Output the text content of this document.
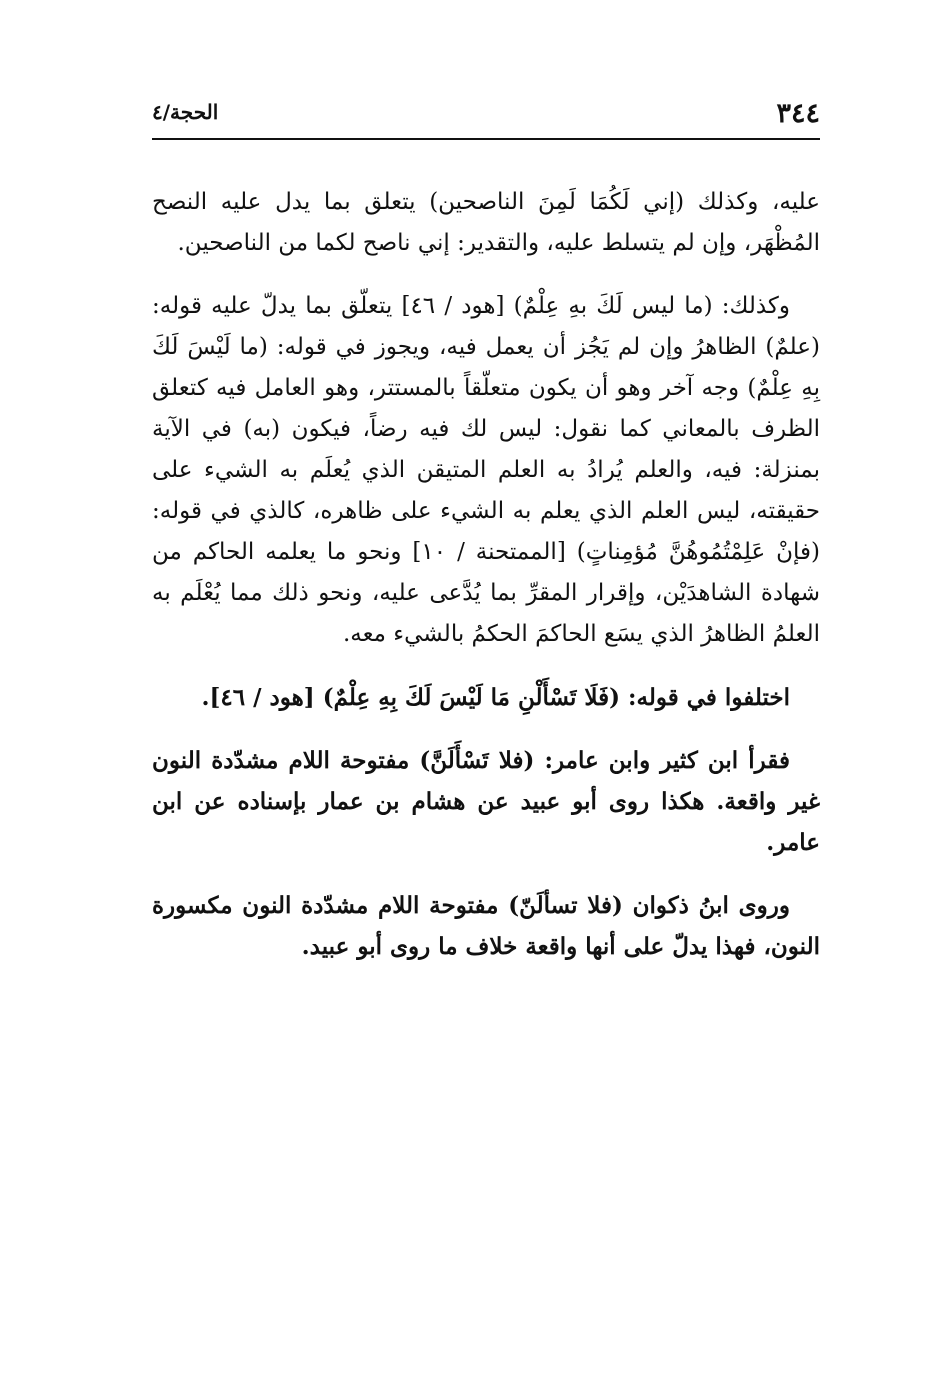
٣٤٤
الحجة/٤

عليه، وكذلك (إني لَكُمَا لَمِنَ الناصحين) يتعلق بما يدل عليه النصح المُظْهَر، وإن لم يتسلط عليه، والتقدير: إني ناصح لكما من الناصحين.

وكذلك: (ما ليس لَكَ بهِ عِلْمٌ) [هود / ٤٦] يتعلّق بما يدلّ عليه قوله: (علمٌ) الظاهرُ وإن لم يَجُز أن يعمل فيه، ويجوز في قوله: (ما لَيْسَ لَكَ بِهِ عِلْمٌ) وجه آخر وهو أن يكون متعلّقاً بالمستتر، وهو العامل فيه كتعلق الظرف بالمعاني كما نقول: ليس لك فيه رضاً، فيكون (به) في الآية بمنزلة: فيه، والعلم يُرادُ به العلم المتيقن الذي يُعلَم به الشيء على حقيقته، ليس العلم الذي يعلم به الشيء على ظاهره، كالذي في قوله: (فإنْ عَلِمْتُمُوهُنَّ مُؤمِناتٍ) [الممتحنة / ١٠] ونحو ما يعلمه الحاكم من شهادة الشاهدَيْن، وإقرار المقرِّ بما يُدَّعى عليه، ونحو ذلك مما يُعْلَم به العلمُ الظاهرُ الذي يسَع الحاكمَ الحكمُ بالشيء معه.

اختلفوا في قوله: (فَلَا تَسْأَلْنِ مَا لَيْسَ لَكَ بِهِ عِلْمٌ) [هود / ٤٦].

فقرأ ابن كثير وابن عامر: (فلا تَسْأَلَنَّ) مفتوحة اللام مشدّدة النون غير واقعة. هكذا روى أبو عبيد عن هشام بن عمار بإسناده عن ابن عامر.

وروى ابنُ ذكوان (فلا تسألَنّ) مفتوحة اللام مشدّدة النون مكسورة النون، فهذا يدلّ على أنها واقعة خلاف ما روى أبو عبيد.
